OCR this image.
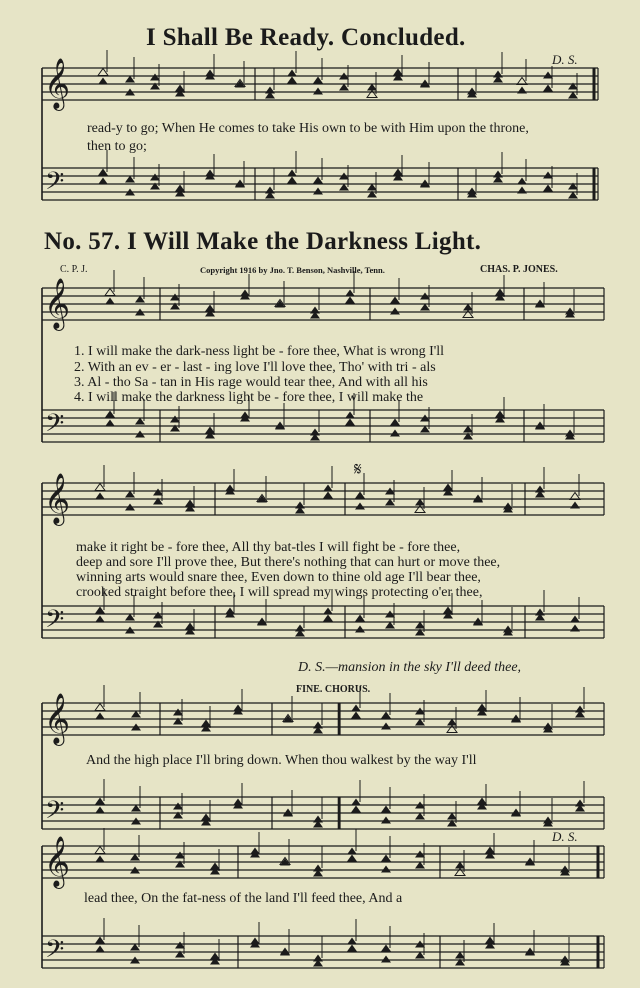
𝄞
𝄢
𝄞
𝄢
𝄞
𝄢
𝄞
𝄢
𝄞
𝄢
𝄋
I Shall Be Ready. Concluded.
D. S.
read-y to go; When He comes to take His own to be with Him upon the throne,
then to go;
No. 57. I Will Make the Darkness Light.
C. P. J.	Copyright 1916 by Jno. T. Benson, Nashville, Tenn.	CHAS. P. JONES.
1. I will make the dark-ness light be - fore thee, What is wrong I'll
2. With an ev - er - last - ing love I'll love thee, Tho' with tri - als
3. Al - tho Sa - tan in His rage would tear thee, And with all his
4. I will make the darkness light be - fore thee, I will make the
make it right be - fore thee, All thy bat-tles I will fight be - fore thee,
deep and sore I'll prove thee, But there's nothing that can hurt or move thee,
winning arts would snare thee, Even down to thine old age I'll bear thee,
crooked straight before thee, I will spread my wings protecting o'er thee,
D. S.—mansion in the sky I'll deed thee,
FINE. CHORUS.
And the high place I'll bring down. When thou walkest by the way I'll
D. S.
lead thee, On the fat-ness of the land I'll feed thee, And a
